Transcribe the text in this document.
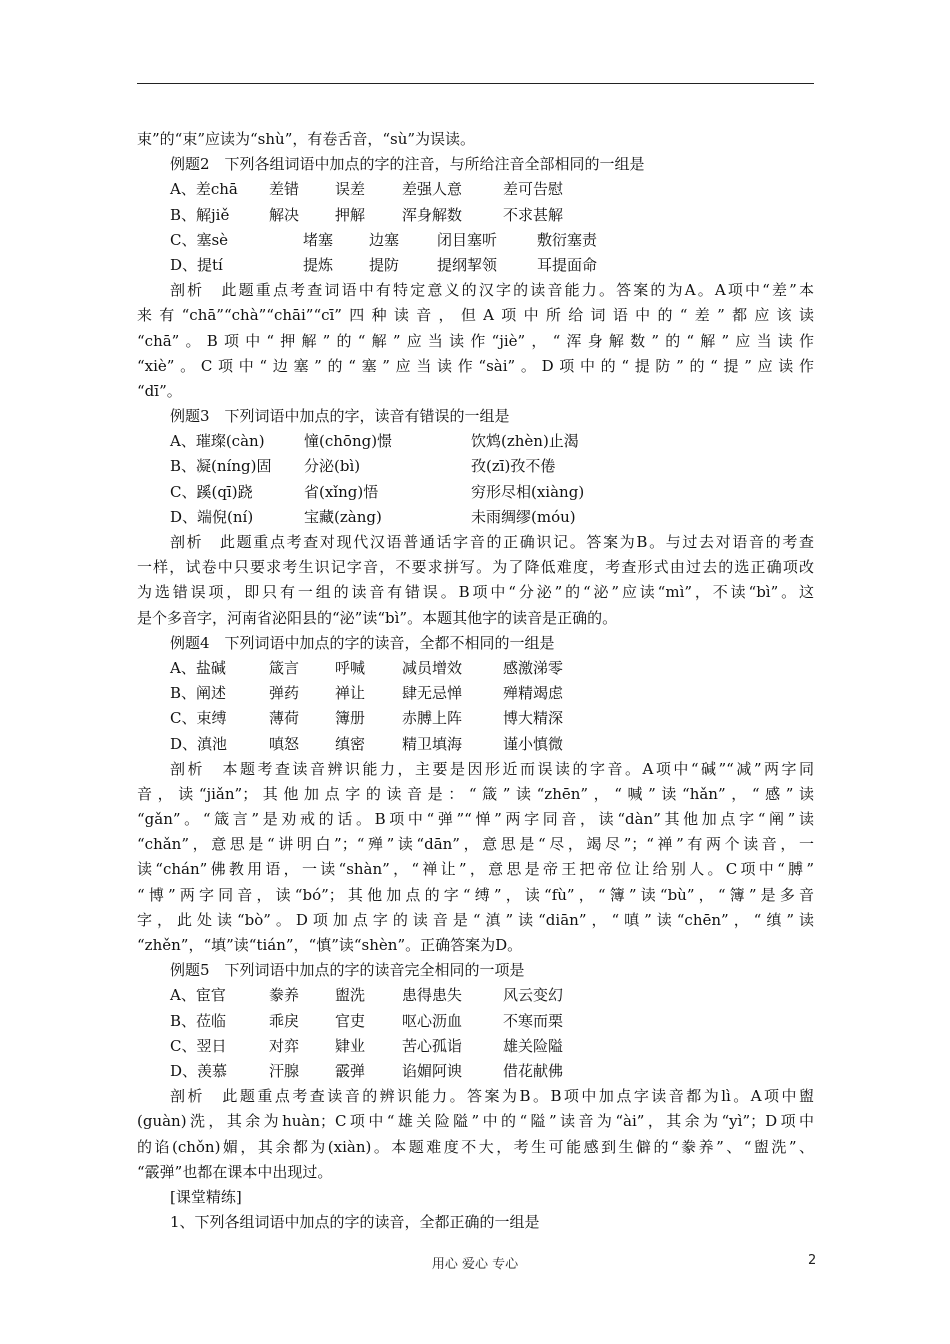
束”的“束”应读为“shù”，有卷舌音，“sù”为误读。
例题2　下列各组词语中加点的字的注音，与所给注音全部相同的一组是
A、差chā 差错 误差 差强人意	差可告慰
B、解jiě	解决 押解 浑身解数	不求甚解
C、塞sè	堵塞 边塞	闭目塞听	敷衍塞责
D、提tí	提炼 提防	提纲挈领	耳提面命
剖析　此题重点考查词语中有特定意义的汉字的读音能力。答案的为A。A项中“差”本
来有“chā”“chà”“chāi”“cī”四种读音，但A项中所给词语中的“差”都应该读
“chā”。B项中“押解”的“解”应当读作“jiè”，“浑身解数”的“解”应当读作
“xiè”。C项中“边塞”的“塞”应当读作“sài”。D项中的“提防”的“提”应读作
“dī”。
例题3　下列词语中加点的字，读音有错误的一组是
A、璀璨(càn)	憧(chōng)憬	饮鸩(zhèn)止渴
B、凝(níng)固 分泌(bì)	孜(zī)孜不倦
C、蹊(qī)跷	省(xǐng)悟	穷形尽相(xiàng)
D、端倪(ní)	宝藏(zàng)	未雨绸缪(móu)
剖析　此题重点考查对现代汉语普通话字音的正确识记。答案为B。与过去对语音的考查
一样，试卷中只要求考生识记字音，不要求拼写。为了降低难度，考查形式由过去的选正确项改
为选错误项，即只有一组的读音有错误。B项中“分泌”的“泌”应读“mì”，不读“bì”。这
是个多音字，河南省泌阳县的“泌”读“bì”。本题其他字的读音是正确的。
例题4　下列词语中加点的字的读音，全都不相同的一组是
A、盐碱	箴言 呼喊 减员增效	感激涕零
B、阐述	弹药 禅让 肆无忌惮	殚精竭虑
C、束缚	薄荷 簿册 赤膊上阵	博大精深
D、滇池	嗔怒 缜密 精卫填海	谨小慎微
剖析　本题考查读音辨识能力，主要是因形近而误读的字音。A项中“碱”“减”两字同
音，读“jiǎn”；其他加点字的读音是：“箴”读“zhēn”，“喊”读“hǎn”，“感”读
“gǎn”。“箴言”是劝戒的话。B项中“弹”“惮”两字同音，读“dàn”其他加点字“阐”读
“chǎn”，意思是“讲明白”；“殚”读“dān”，意思是“尽，竭尽”；“禅”有两个读音，一
读“chán”佛教用语，一读“shàn”，“禅让”，意思是帝王把帝位让给别人。C项中“膊”
“博”两字同音，读“bó”；其他加点的字“缚”，读“fù”，“簿”读“bù”，“簿”是多音
字，此处读“bò”。D项加点字的读音是“滇”读“diān”，“嗔”读“chēn”，“缜”读
“zhěn”，“填”读“tián”，“慎”读“shèn”。正确答案为D。
例题5　下列词语中加点的字的读音完全相同的一项是
A、宦官	豢养 盥洗 患得患失	风云变幻
B、莅临	乖戾 官吏 呕心沥血	不寒而栗
C、翌日	对弈 肄业 苦心孤诣	雄关险隘
D、羡慕	汗腺 霰弹 谄媚阿谀	借花献佛
剖析　此题重点考查读音的辨识能力。答案为B。B项中加点字读音都为lì。A项中盥
(guàn)洗，其余为huàn；C项中“雄关险隘”中的“隘”读音为“ài”，其余为“yì”；D项中
的谄(chǒn)媚，其余都为(xiàn)。本题难度不大，考生可能感到生僻的“豢养”、“盥洗”、
“霰弹”也都在课本中出现过。
[课堂精练]
1、下列各组词语中加点的字的读音，全都正确的一组是
用心 爱心 专心	2
